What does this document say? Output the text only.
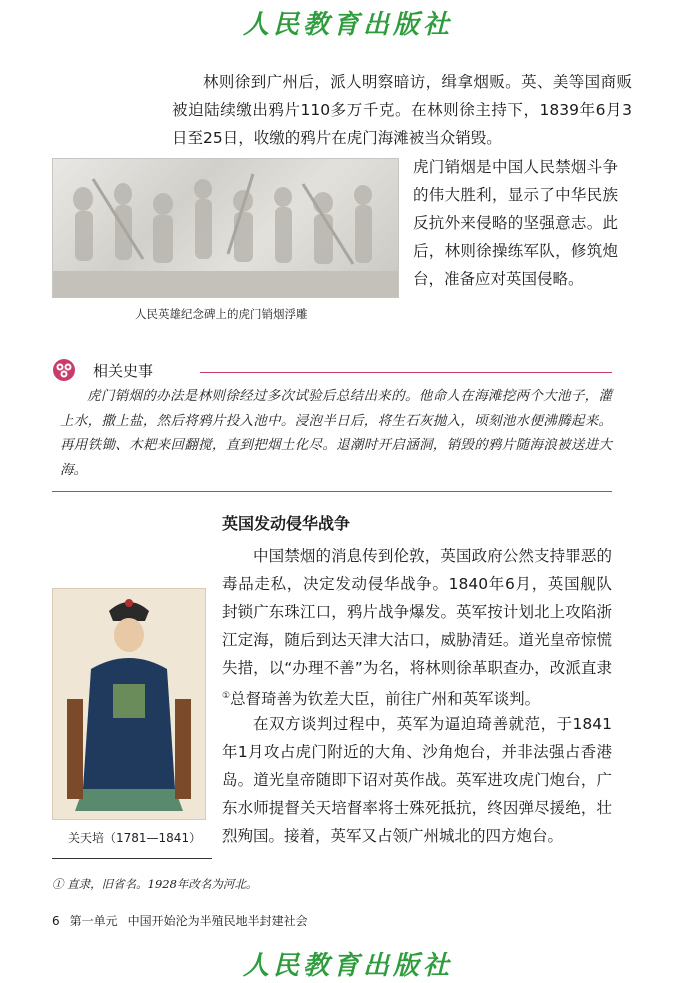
人民教育出版社

林则徐到广州后，派人明察暗访，缉拿烟贩。英、美等国商贩被迫陆续缴出鸦片110多万千克。在林则徐主持下，1839年6月3日至25日，收缴的鸦片在虎门海滩被当众销毁。

虎门销烟是中国人民禁烟斗争的伟大胜利，显示了中华民族反抗外来侵略的坚强意志。此后，林则徐操练军队，修筑炮台，准备应对英国侵略。

人民英雄纪念碑上的虎门销烟浮雕
相关史事

虎门销烟的办法是林则徐经过多次试验后总结出来的。他命人在海滩挖两个大池子，灌上水，撒上盐，然后将鸦片投入池中。浸泡半日后，将生石灰抛入，顷刻池水便沸腾起来。再用铁锄、木耙来回翻搅，直到把烟土化尽。退潮时开启涵洞，销毁的鸦片随海浪被送进大海。

英国发动侵华战争

中国禁烟的消息传到伦敦，英国政府公然支持罪恶的毒品走私，决定发动侵华战争。1840年6月，英国舰队封锁广东珠江口，鸦片战争爆发。英军按计划北上攻陷浙江定海，随后到达天津大沽口，威胁清廷。道光皇帝惊慌失措，以“办理不善”为名，将林则徐革职查办，改派直隶①总督琦善为钦差大臣，前往广州和英军谈判。

在双方谈判过程中，英军为逼迫琦善就范，于1841年1月攻占虎门附近的大角、沙角炮台，并非法强占香港岛。道光皇帝随即下诏对英作战。英军进攻虎门炮台，广东水师提督关天培督率将士殊死抵抗，终因弹尽援绝，壮烈殉国。接着，英军又占领广州城北的四方炮台。

关天培（1781—1841）
① 直隶，旧省名。1928年改名为河北。
6 第一单元 中国开始沦为半殖民地半封建社会
人民教育出版社
